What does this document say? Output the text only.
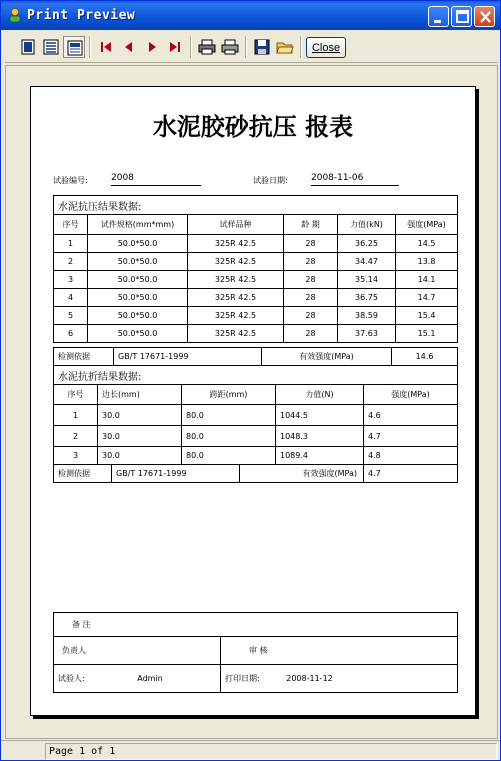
Print Preview
Close
水泥胶砂抗压 报表
试验编号:	2008	试验日期:	2008-11-06
水泥抗压结果数据:					
序号	试件规格(mm*mm)	试样品种	龄 期	力值(kN)	强度(MPa)
1	50.0*50.0	325R 42.5	28	36.25	14.5
2	50.0*50.0	325R 42.5	28	34.47	13.8
3	50.0*50.0	325R 42.5	28	35.14	14.1
4	50.0*50.0	325R 42.5	28	36.75	14.7
5	50.0*50.0	325R 42.5	28	38.59	15.4
6	50.0*50.0	325R 42.5	28	37.63	15.1
检测依据	GB/T 17671-1999	有效强度(MPa)	14.6
水泥抗折结果数据:				
序号	边长(mm)	跨距(mm)	力值(N)	强度(MPa)
1	30.0	80.0	1044.5	4.6
2	30.0	80.0	1048.3	4.7
3	30.0	80.0	1089.4	4.8
检测依据	GB/T 17671-1999	有效强度(MPa)	4.7
备 注	
负责人	审 核
试验人: Admin	打印日期: 2008-11-12
Page 1 of 1
